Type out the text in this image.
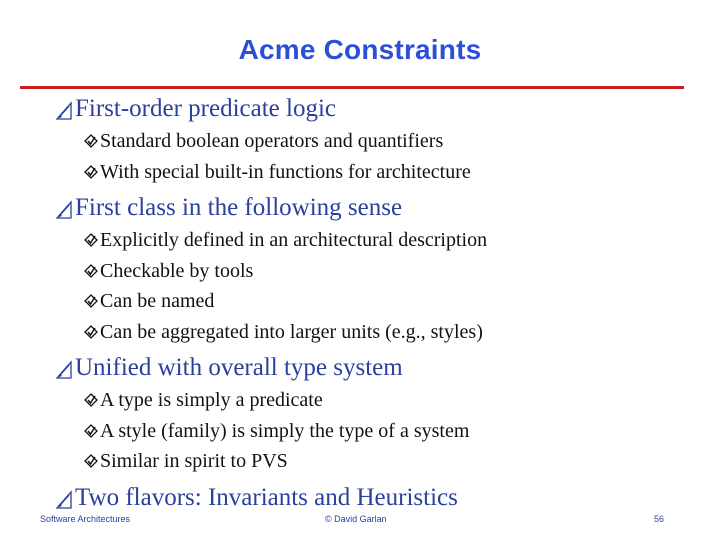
Acme Constraints
First-order predicate logic
Standard boolean operators and quantifiers
With special built-in functions for architecture
First class in the following sense
Explicitly defined in an architectural description
Checkable by tools
Can be named
Can be aggregated into larger units (e.g., styles)
Unified with overall type system
A type is simply a predicate
A style (family) is simply the type of a system
Similar in spirit to PVS
Two flavors: Invariants and Heuristics
Software Architectures	© David Garlan	56
